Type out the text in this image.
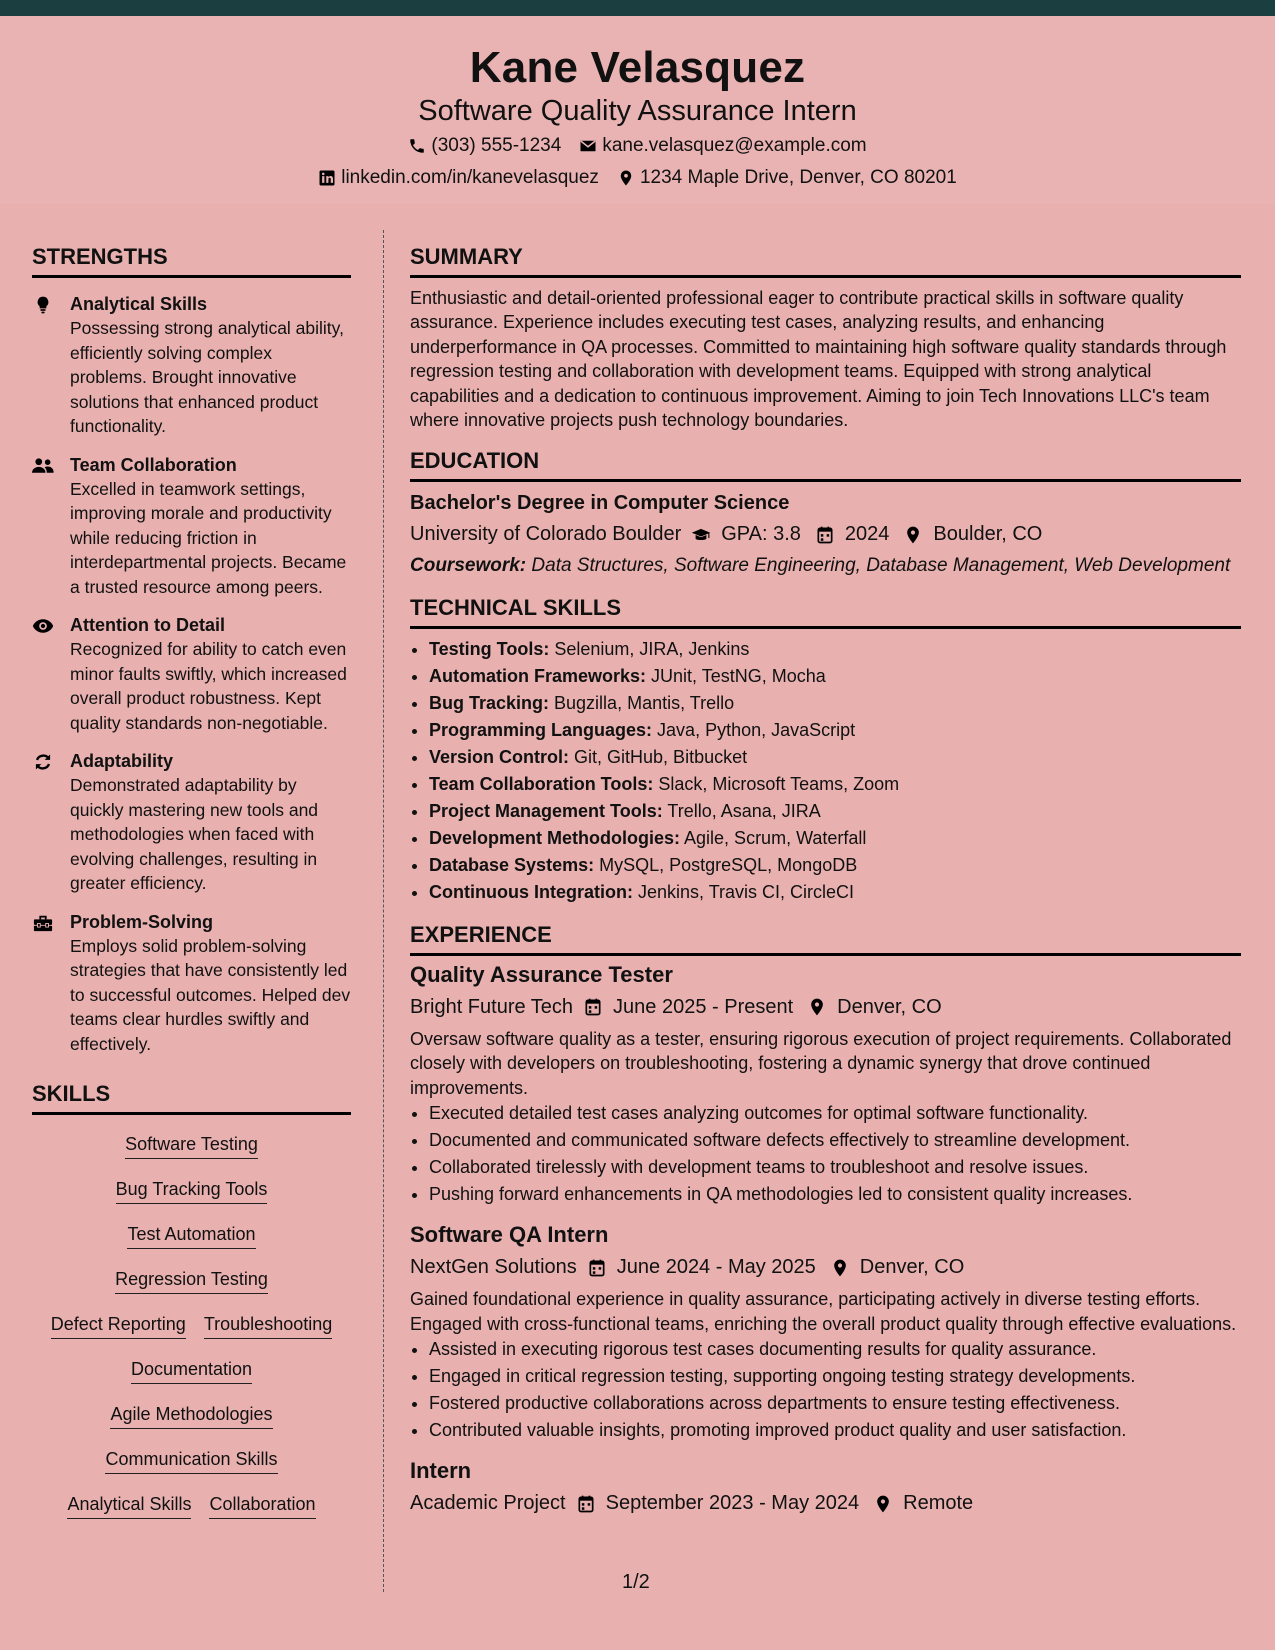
Kane Velasquez
Software Quality Assurance Intern
(303) 555-1234 kane.velasquez@example.com
linkedin.com/in/kanevelasquez 1234 Maple Drive, Denver, CO 80201
STRENGTHS
Analytical Skills
Possessing strong analytical ability, efficiently solving complex problems. Brought innovative solutions that enhanced product functionality.
Team Collaboration
Excelled in teamwork settings, improving morale and productivity while reducing friction in interdepartmental projects. Became a trusted resource among peers.
Attention to Detail
Recognized for ability to catch even minor faults swiftly, which increased overall product robustness. Kept quality standards non-negotiable.
Adaptability
Demonstrated adaptability by quickly mastering new tools and methodologies when faced with evolving challenges, resulting in greater efficiency.
Problem-Solving
Employs solid problem-solving strategies that have consistently led to successful outcomes. Helped dev teams clear hurdles swiftly and effectively.
SKILLS
Software Testing
Bug Tracking Tools
Test Automation
Regression Testing
Defect Reporting Troubleshooting
Documentation
Agile Methodologies
Communication Skills
Analytical Skills Collaboration
SUMMARY
Enthusiastic and detail-oriented professional eager to contribute practical skills in software quality assurance. Experience includes executing test cases, analyzing results, and enhancing underperformance in QA processes. Committed to maintaining high software quality standards through regression testing and collaboration with development teams. Equipped with strong analytical capabilities and a dedication to continuous improvement. Aiming to join Tech Innovations LLC's team where innovative projects push technology boundaries.
EDUCATION
Bachelor's Degree in Computer Science
University of Colorado Boulder GPA: 3.8 2024 Boulder, CO
Coursework: Data Structures, Software Engineering, Database Management, Web Development
TECHNICAL SKILLS
• Testing Tools: Selenium, JIRA, Jenkins
• Automation Frameworks: JUnit, TestNG, Mocha
• Bug Tracking: Bugzilla, Mantis, Trello
• Programming Languages: Java, Python, JavaScript
• Version Control: Git, GitHub, Bitbucket
• Team Collaboration Tools: Slack, Microsoft Teams, Zoom
• Project Management Tools: Trello, Asana, JIRA
• Development Methodologies: Agile, Scrum, Waterfall
• Database Systems: MySQL, PostgreSQL, MongoDB
• Continuous Integration: Jenkins, Travis CI, CircleCI
EXPERIENCE
Quality Assurance Tester
Bright Future Tech June 2025 - Present Denver, CO
Oversaw software quality as a tester, ensuring rigorous execution of project requirements. Collaborated closely with developers on troubleshooting, fostering a dynamic synergy that drove continued improvements.
• Executed detailed test cases analyzing outcomes for optimal software functionality.
• Documented and communicated software defects effectively to streamline development.
• Collaborated tirelessly with development teams to troubleshoot and resolve issues.
• Pushing forward enhancements in QA methodologies led to consistent quality increases.
Software QA Intern
NextGen Solutions June 2024 - May 2025 Denver, CO
Gained foundational experience in quality assurance, participating actively in diverse testing efforts. Engaged with cross-functional teams, enriching the overall product quality through effective evaluations.
• Assisted in executing rigorous test cases documenting results for quality assurance.
• Engaged in critical regression testing, supporting ongoing testing strategy developments.
• Fostered productive collaborations across departments to ensure testing effectiveness.
• Contributed valuable insights, promoting improved product quality and user satisfaction.
Intern
Academic Project September 2023 - May 2024 Remote
1/2
